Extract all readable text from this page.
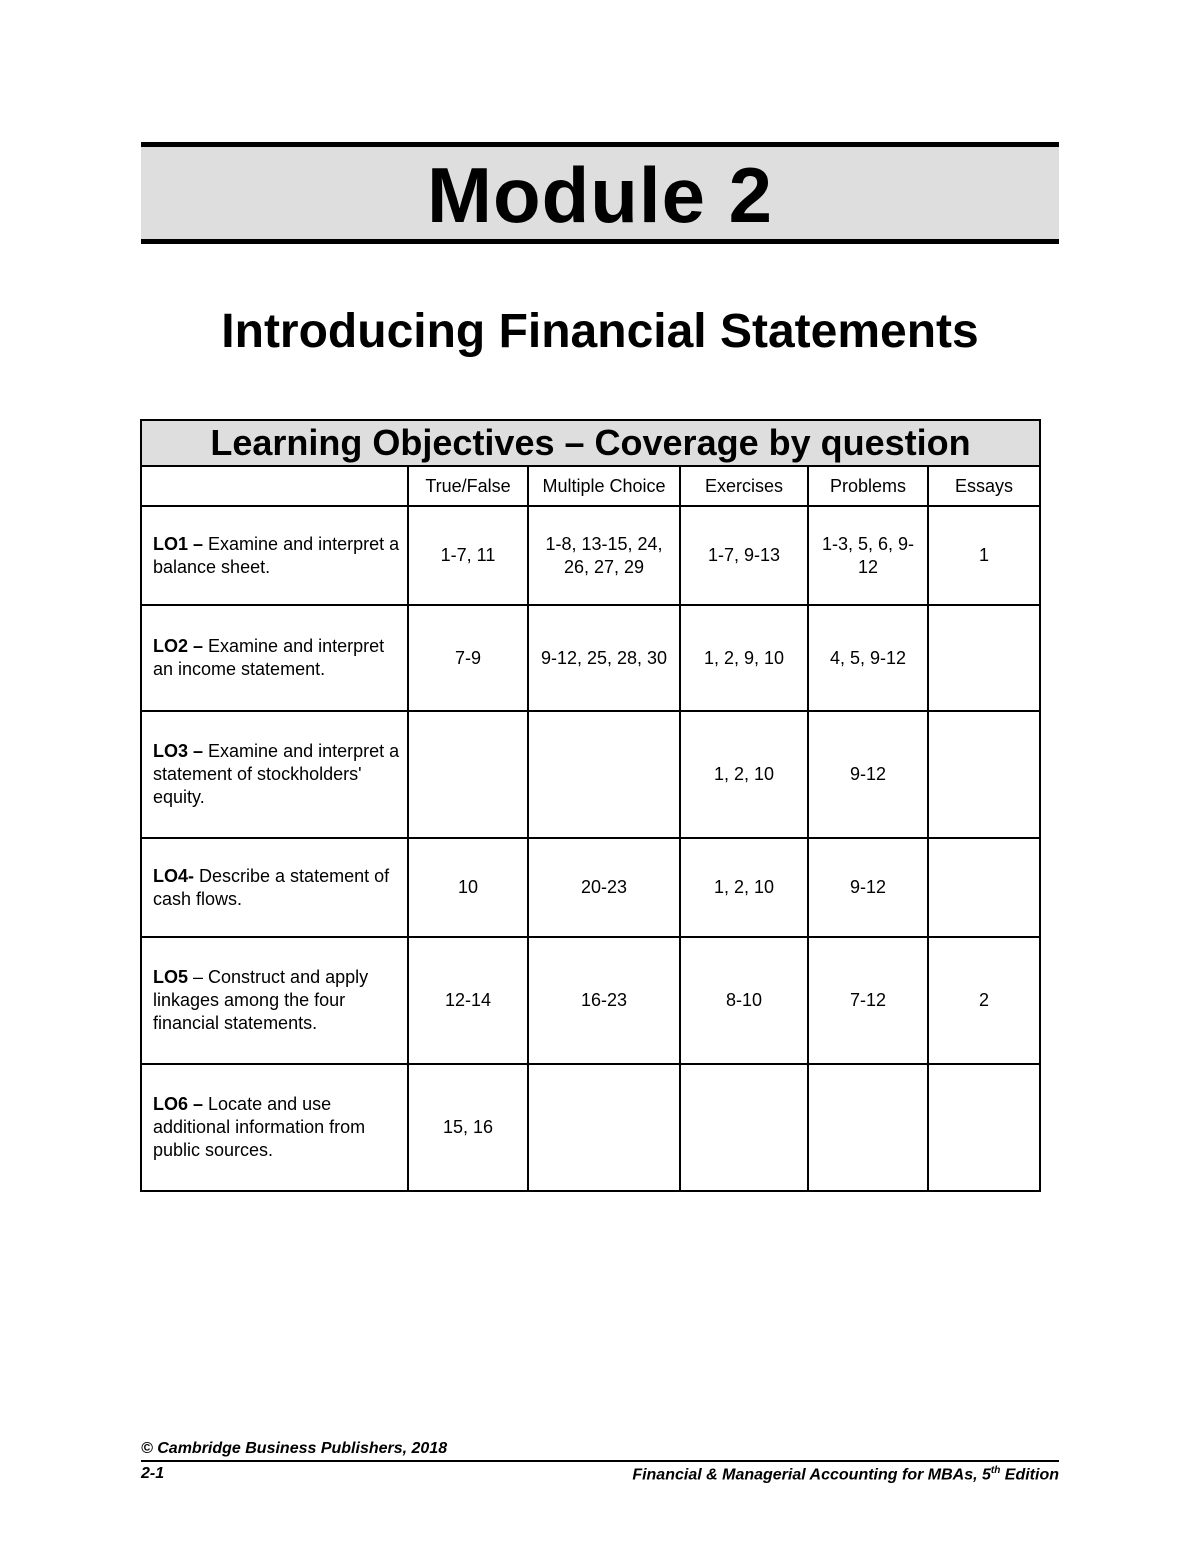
Module 2
Introducing Financial Statements
Learning Objectives – Coverage by question					
	True/False	Multiple Choice	Exercises	Problems	Essays
LO1 – Examine and interpret a balance sheet.	1-7, 11	1-8, 13-15, 24, 26, 27, 29	1-7, 9-13	1-3, 5, 6, 9-12	1
LO2 – Examine and interpret an income statement.	7-9	9-12, 25, 28, 30	1, 2, 9, 10	4, 5, 9-12	
LO3 – Examine and interpret a statement of stockholders' equity.			1, 2, 10	9-12	
LO4- Describe a statement of cash flows.	10	20-23	1, 2, 10	9-12	
LO5 – Construct and apply linkages among the four financial statements.	12-14	16-23	8-10	7-12	2
LO6 – Locate and use additional information from public sources.	15, 16				
© Cambridge Business Publishers, 2018
2-1	Financial & Managerial Accounting for MBAs, 5th Edition
